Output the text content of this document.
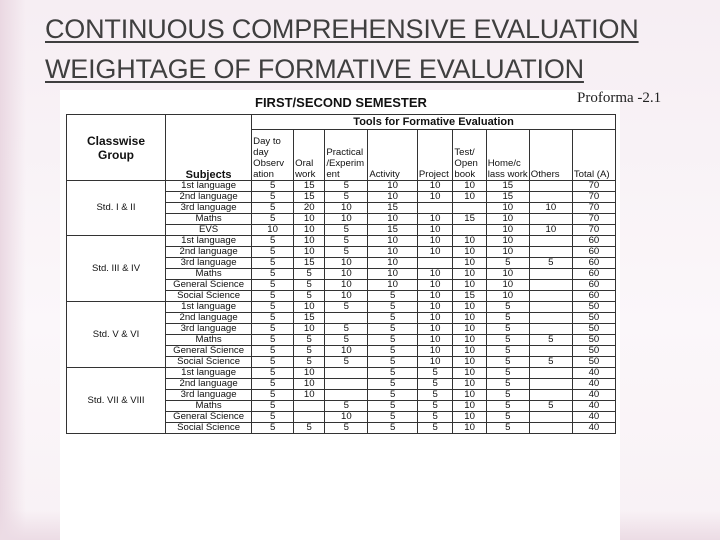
CONTINUOUS COMPREHENSIVE EVALUATION
WEIGHTAGE OF FORMATIVE EVALUATION
FIRST/SECOND SEMESTER
Classwise Group	Subjects	Tools for Formative Evaluation								
		Day to day Observ ation	Oral work	Practical /Experim ent	Activity	Project	Test/ Open book	Home/c lass work	Others	Total (A)
Std. I & II	1st language	5	15	5	10	10	10	15		70
	2nd language	5	15	5	10	10	10	15		70
	3rd language	5	20	10	15			10	10	70
	Maths	5	10	10	10	10	15	10		70
	EVS	10	10	5	15	10		10	10	70
Std. III & IV	1st language	5	10	5	10	10	10	10		60
	2nd language	5	10	5	10	10	10	10		60
	3rd language	5	15	10	10		10	5	5	60
	Maths	5	5	10	10	10	10	10		60
	General Science	5	5	10	10	10	10	10		60
	Social Science	5	5	10	5	10	15	10		60
Std. V & VI	1st language	5	10	5	5	10	10	5		50
	2nd language	5	15		5	10	10	5		50
	3rd language	5	10	5	5	10	10	5		50
	Maths	5	5	5	5	10	10	5	5	50
	General Science	5	5	10	5	10	10	5		50
	Social Science	5	5	5	5	10	10	5	5	50
Std. VII & VIII	1st language	5	10		5	5	10	5		40
	2nd language	5	10		5	5	10	5		40
	3rd language	5	10		5	5	10	5		40
	Maths	5		5	5	5	10	5	5	40
	General Science	5		10	5	5	10	5		40
	Social Science	5	5	5	5	5	10	5		40
Proforma -2.1
